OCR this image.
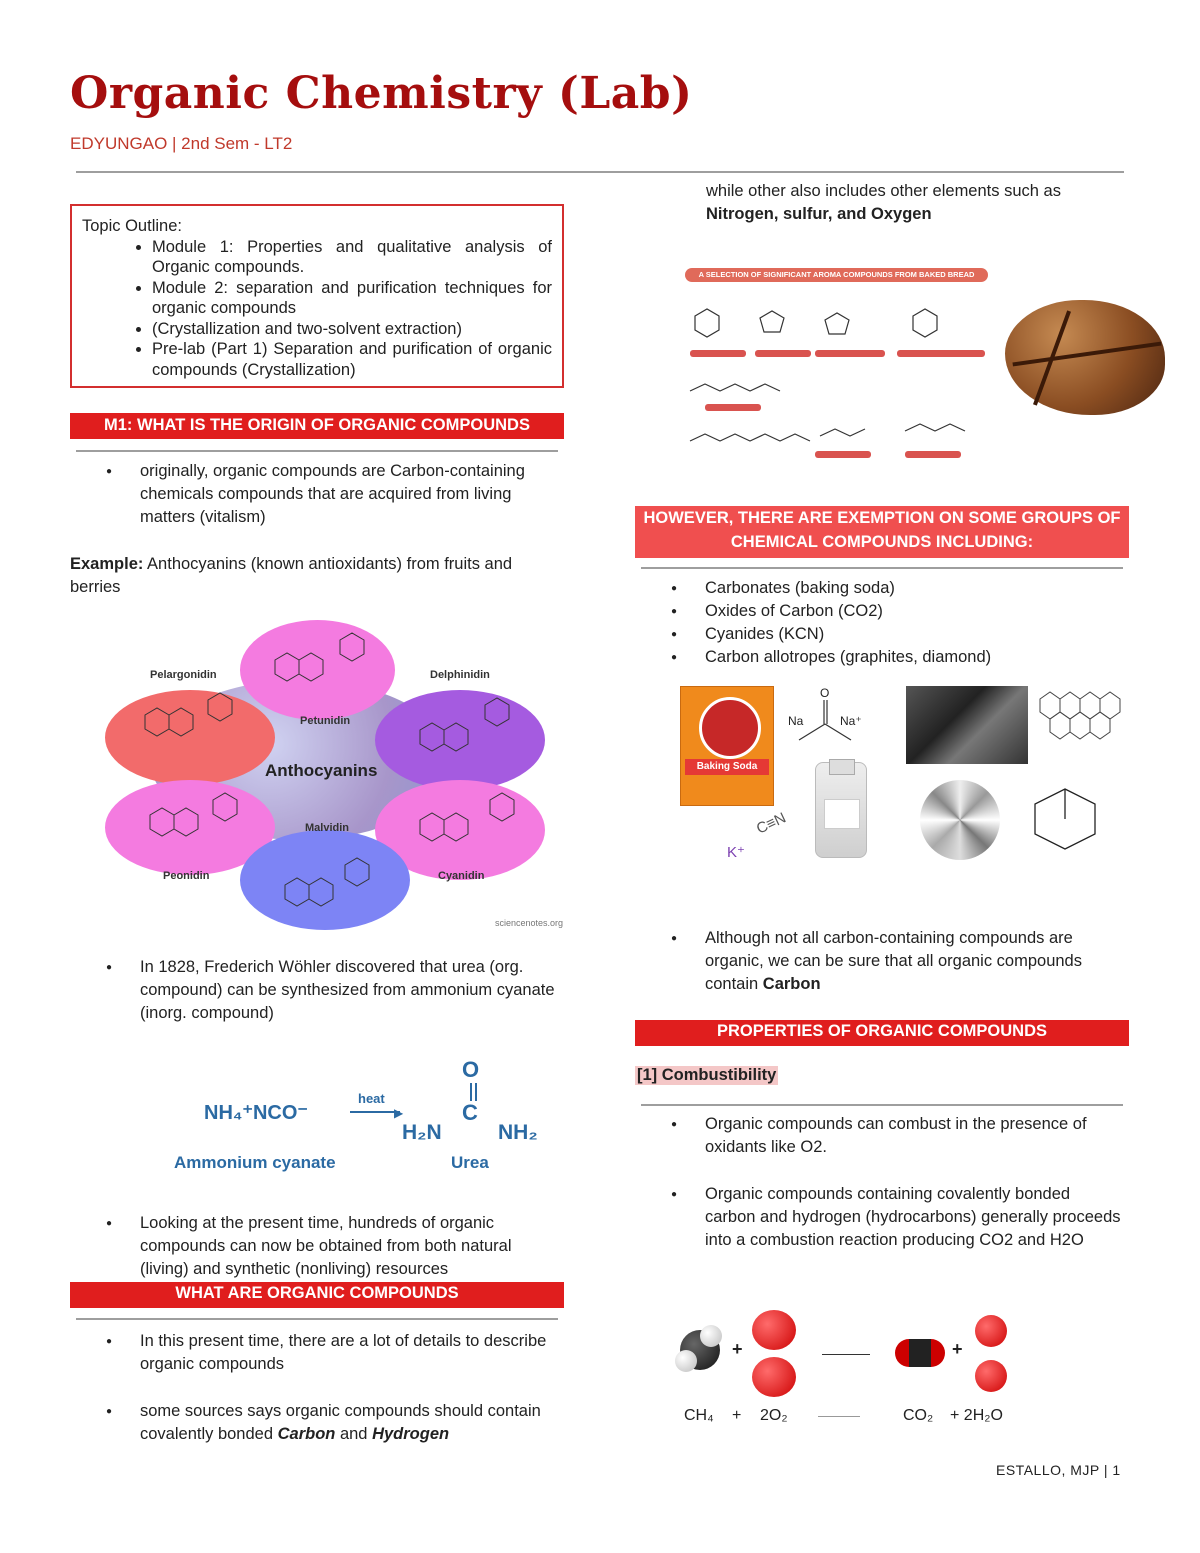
Organic Chemistry (Lab)
EDYUNGAO | 2nd Sem - LT2
Topic Outline:
• Module 1: Properties and qualitative analysis of Organic compounds.
• Module 2: separation and purification techniques for organic compounds
• (Crystallization and two-solvent extraction)
• Pre-lab (Part 1) Separation and purification of organic compounds (Crystallization)
M1: WHAT IS THE ORIGIN OF ORGANIC COMPOUNDS
● originally, organic compounds are Carbon-containing chemicals compounds that are acquired from living matters (vitalism)
Example: Anthocyanins (known antioxidants) from fruits and berries
Pelargonidin	Delphinidin
Petunidin
Malvidin
Peonidin	Cyanidin
Anthocyanins
sciencenotes.org
● In 1828, Frederich Wöhler discovered that urea (org. compound) can be synthesized from ammonium cyanate (inorg. compound)
NH₄⁺NCO⁻
heat
▶
O
C
H₂N	NH₂
Ammonium cyanate	Urea
● Looking at the present time, hundreds of organic compounds can now be obtained from both natural (living) and synthetic (nonliving) resources
WHAT ARE ORGANIC COMPOUNDS
● In this present time, there are a lot of details to describe organic compounds
● some sources says organic compounds should contain covalently bonded Carbon and Hydrogen
while other also includes other elements such as
Nitrogen, sulfur, and Oxygen
A SELECTION OF SIGNIFICANT AROMA COMPOUNDS FROM BAKED BREAD
HOWEVER, THERE ARE EXEMPTION ON SOME GROUPS OF CHEMICAL COMPOUNDS INCLUDING:
● Carbonates (baking soda)
● Oxides of Carbon (CO2)
● Cyanides (KCN)
● Carbon allotropes (graphites, diamond)
Baking Soda
Na	Na⁺
O
K⁺
C≡N
● Although not all carbon-containing compounds are organic, we can be sure that all organic compounds contain Carbon
PROPERTIES OF ORGANIC COMPOUNDS
[1] Combustibility
● Organic compounds can combust in the presence of oxidants like O2.
● Organic compounds containing covalently bonded carbon and hydrogen (hydrocarbons) generally proceeds into a combustion reaction producing CO2 and H2O
+	+
CH₄ + 2O₂	CO₂ + 2H₂O
ESTALLO, MJP | 1
